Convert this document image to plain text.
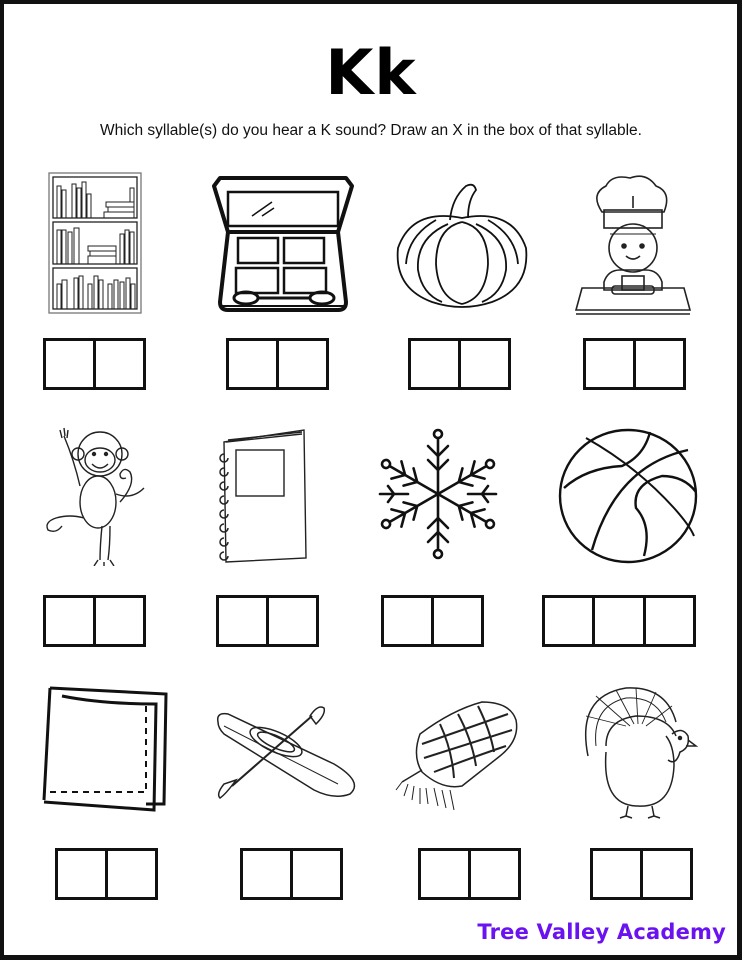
Kk
Which syllable(s) do you hear a K sound? Draw an X in the box of that syllable.
Tree Valley Academy
